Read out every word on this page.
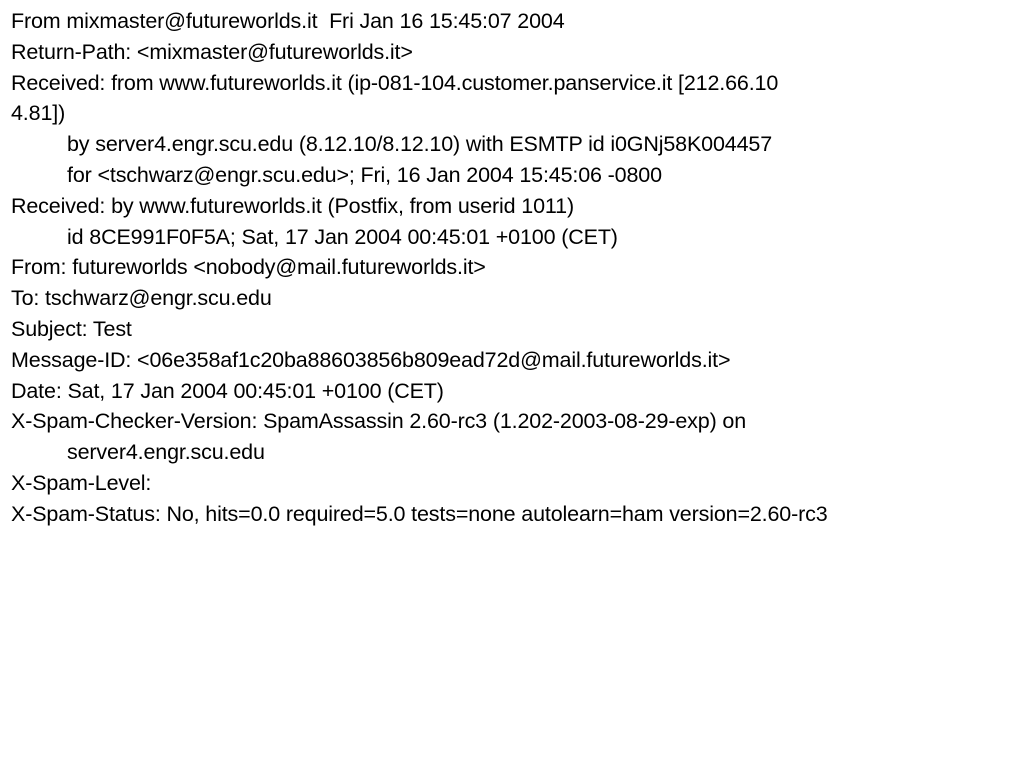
From mixmaster@futureworlds.it  Fri Jan 16 15:45:07 2004
Return-Path: <mixmaster@futureworlds.it>
Received: from www.futureworlds.it (ip-081-104.customer.panservice.it [212.66.10
4.81])
by server4.engr.scu.edu (8.12.10/8.12.10) with ESMTP id i0GNj58K004457
for <tschwarz@engr.scu.edu>; Fri, 16 Jan 2004 15:45:06 -0800
Received: by www.futureworlds.it (Postfix, from userid 1011)
id 8CE991F0F5A; Sat, 17 Jan 2004 00:45:01 +0100 (CET)
From: futureworlds <nobody@mail.futureworlds.it>
To: tschwarz@engr.scu.edu
Subject: Test
Message-ID: <06e358af1c20ba88603856b809ead72d@mail.futureworlds.it>
Date: Sat, 17 Jan 2004 00:45:01 +0100 (CET)
X-Spam-Checker-Version: SpamAssassin 2.60-rc3 (1.202-2003-08-29-exp) on
server4.engr.scu.edu
X-Spam-Level:
X-Spam-Status: No, hits=0.0 required=5.0 tests=none autolearn=ham version=2.60-rc3
